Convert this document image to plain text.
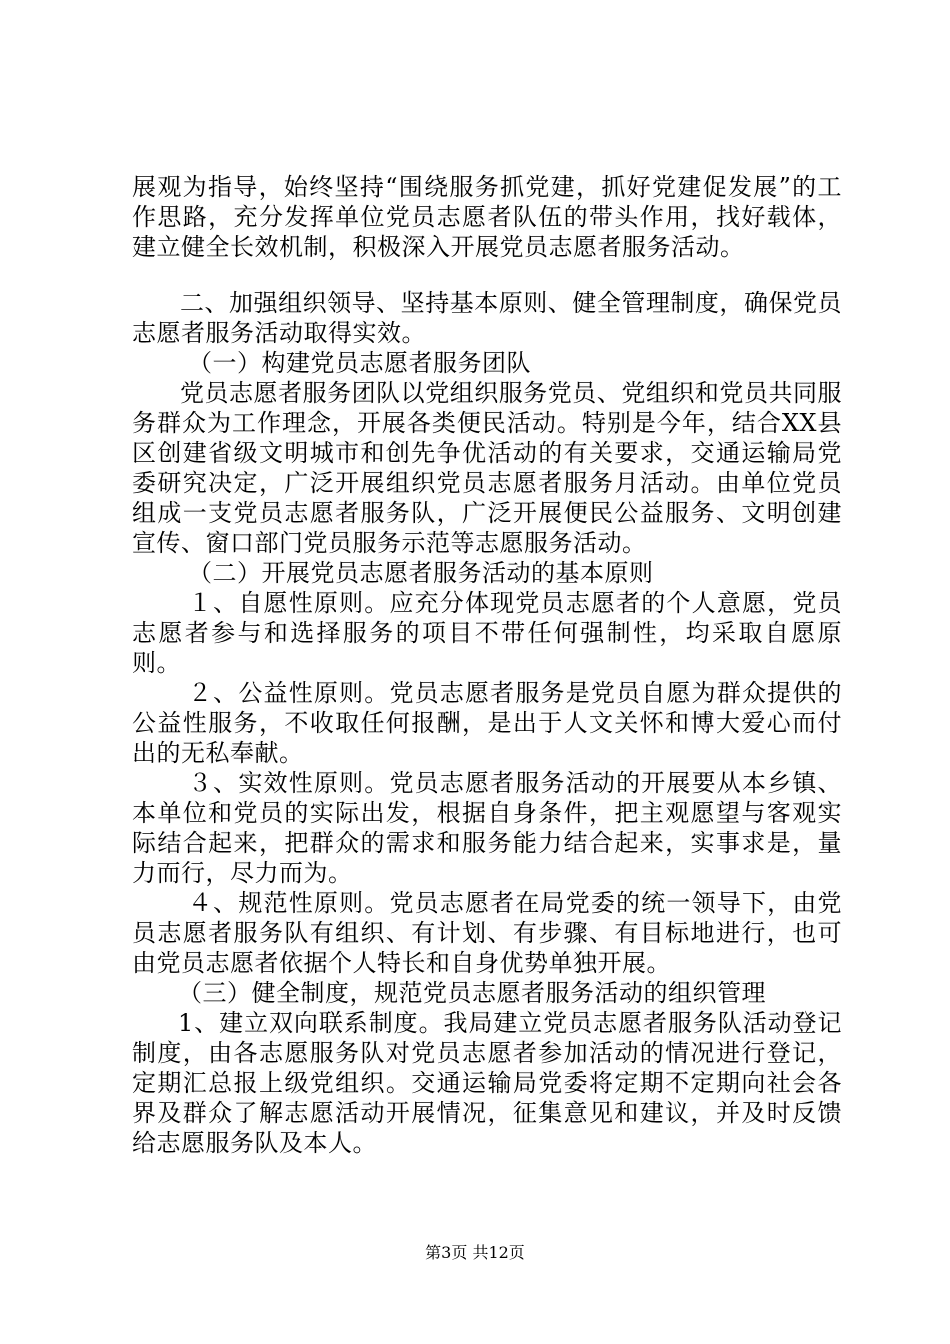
展观为指导，始终坚持“围绕服务抓党建，抓好党建促发展”的工作思路，充分发挥单位党员志愿者队伍的带头作用，找好载体，建立健全长效机制，积极深入开展党员志愿者服务活动。

二、加强组织领导、坚持基本原则、健全管理制度，确保党员志愿者服务活动取得实效。

（一）构建党员志愿者服务团队

党员志愿者服务团队以党组织服务党员、党组织和党员共同服务群众为工作理念，开展各类便民活动。特别是今年，结合XX县区创建省级文明城市和创先争优活动的有关要求，交通运输局党委研究决定，广泛开展组织党员志愿者服务月活动。由单位党员组成一支党员志愿者服务队，广泛开展便民公益服务、文明创建宣传、窗口部门党员服务示范等志愿服务活动。

（二）开展党员志愿者服务活动的基本原则

１、自愿性原则。应充分体现党员志愿者的个人意愿，党员志愿者参与和选择服务的项目不带任何强制性，均采取自愿原则。

２、公益性原则。党员志愿者服务是党员自愿为群众提供的公益性服务，不收取任何报酬，是出于人文关怀和博大爱心而付出的无私奉献。

３、实效性原则。党员志愿者服务活动的开展要从本乡镇、本单位和党员的实际出发，根据自身条件，把主观愿望与客观实际结合起来，把群众的需求和服务能力结合起来，实事求是，量力而行，尽力而为。

４、规范性原则。党员志愿者在局党委的统一领导下，由党员志愿者服务队有组织、有计划、有步骤、有目标地进行，也可由党员志愿者依据个人特长和自身优势单独开展。

（三）健全制度，规范党员志愿者服务活动的组织管理

1、建立双向联系制度。我局建立党员志愿者服务队活动登记制度，由各志愿服务队对党员志愿者参加活动的情况进行登记，定期汇总报上级党组织。交通运输局党委将定期不定期向社会各界及群众了解志愿活动开展情况，征集意见和建议，并及时反馈给志愿服务队及本人。

第3页 共12页
